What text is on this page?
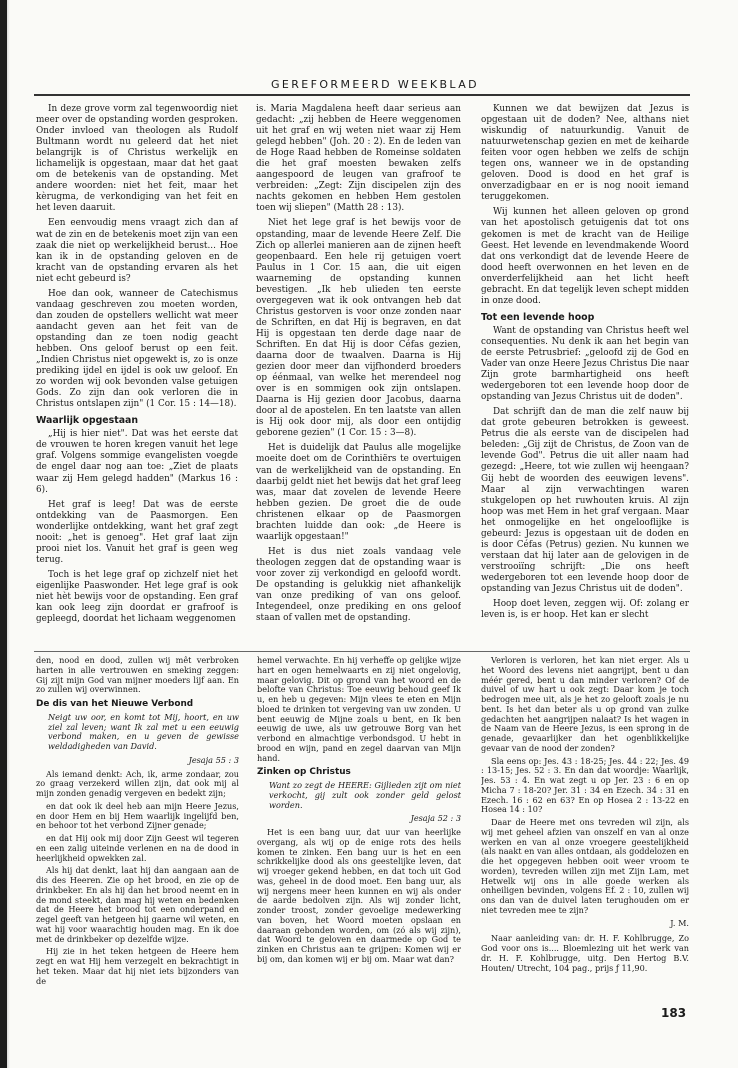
GEREFORMEERD WEEKBLAD

In deze grove vorm zal tegenwoordig niet meer over de opstanding worden gesproken. Onder invloed van theologen als Rudolf Bultmann wordt nu geleerd dat het niet belangrijk is of Christus werkelijk en lichamelijk is opgestaan, maar dat het gaat om de betekenis van de opstanding. Met andere woorden: niet het feit, maar het kèrugma, de verkondiging van het feit en het leven daaruit.

Een eenvoudig mens vraagt zich dan af wat de zin en de betekenis moet zijn van een zaak die niet op werkelijkheid berust... Hoe kan ik in de opstanding geloven en de kracht van de opstanding ervaren als het niet echt gebeurd is?

Hoe dan ook, wanneer de Catechismus vandaag geschreven zou moeten worden, dan zouden de opstellers wellicht wat meer aandacht geven aan het feit van de opstanding dan ze toen nodig geacht hebben. Ons geloof berust op een feit. „Indien Christus niet opgewekt is, zo is onze prediking ijdel en ijdel is ook uw geloof. En zo worden wij ook bevonden valse getuigen Gods. Zo zijn dan ook verloren die in Christus ontslapen zijn" (1 Cor. 15 : 14—18).

Waarlijk opgestaan

„Hij is hier niet". Dat was het eerste dat de vrouwen te horen kregen vanuit het lege graf. Volgens sommige evangelisten voegde de engel daar nog aan toe: „Ziet de plaats waar zij Hem gelegd hadden" (Markus 16 : 6).

Het graf is leeg! Dat was de eerste ontdekking van de Paasmorgen. Een wonderlijke ontdekking, want het graf zegt nooit: „het is genoeg". Het graf laat zijn prooi niet los. Vanuit het graf is geen weg terug.

Toch is het lege graf op zichzelf niet het eigenlijke Paaswonder. Het lege graf is ook niet hèt bewijs voor de opstanding. Een graf kan ook leeg zijn doordat er grafroof is gepleegd, doordat het lichaam weggenomen

is. Maria Magdalena heeft daar serieus aan gedacht: „zij hebben de Heere weggenomen uit het graf en wij weten niet waar zij Hem gelegd hebben" (Joh. 20 : 2). En de leden van de Hoge Raad hebben de Romeinse soldaten die het graf moesten bewaken zelfs aangespoord de leugen van grafroof te verbreiden: „Zegt: Zijn discipelen zijn des nachts gekomen en hebben Hem gestolen toen wij sliepen" (Matth 28 : 13).

Niet het lege graf is het bewijs voor de opstanding, maar de levende Heere Zelf. Die Zich op allerlei manieren aan de zijnen heeft geopenbaard. Een hele rij getuigen voert Paulus in 1 Cor. 15 aan, die uit eigen waarneming de opstanding kunnen bevestigen. „Ik heb ulieden ten eerste overgegeven wat ik ook ontvangen heb dat Christus gestorven is voor onze zonden naar de Schriften, en dat Hij is begraven, en dat Hij is opgestaan ten derde dage naar de Schriften. En dat Hij is door Céfas gezien, daarna door de twaalven. Daarna is Hij gezien door meer dan vijfhonderd broeders op éénmaal, van welke het merendeel nog over is en sommigen ook zijn ontslapen. Daarna is Hij gezien door Jacobus, daarna door al de apostelen. En ten laatste van allen is Hij ook door mij, als door een ontijdig geborene gezien" (1 Cor. 15 : 3—8).

Het is duidelijk dat Paulus alle mogelijke moeite doet om de Corinthiërs te overtuigen van de werkelijkheid van de opstanding. En daarbij geldt niet het bewijs dat het graf leeg was, maar dat zovelen de levende Heere hebben gezien. De groet die de oude christenen elkaar op de Paasmorgen brachten luidde dan ook: „de Heere is waarlijk opgestaan!"

Het is dus niet zoals vandaag vele theologen zeggen dat de opstanding waar is voor zover zij verkondigd en geloofd wordt. De opstanding is gelukkig niet afhankelijk van onze prediking of van ons geloof. Integendeel, onze prediking en ons geloof staan of vallen met de opstanding.

Kunnen we dat bewijzen dat Jezus is opgestaan uit de doden? Nee, althans niet wiskundig of natuurkundig. Vanuit de natuurwetenschap gezien en met de keiharde feiten voor ogen hebben we zelfs de schijn tegen ons, wanneer we in de opstanding geloven. Dood is dood en het graf is onverzadigbaar en er is nog nooit iemand teruggekomen.

Wij kunnen het alleen geloven op grond van het apostolisch getuigenis dat tot ons gekomen is met de kracht van de Heilige Geest. Het levende en levendmakende Woord dat ons verkondigt dat de levende Heere de dood heeft overwonnen en het leven en de onverderfelijkheid aan het licht heeft gebracht. En dat tegelijk leven schept midden in onze dood.

Tot een levende hoop

Want de opstanding van Christus heeft wel consequenties. Nu denk ik aan het begin van de eerste Petrusbrief: „geloofd zij de God en Vader van onze Heere Jezus Christus Die naar Zijn grote barmhartigheid ons heeft wedergeboren tot een levende hoop door de opstanding van Jezus Christus uit de doden".

Dat schrijft dan de man die zelf nauw bij dat grote gebeuren betrokken is geweest. Petrus die als eerste van de discipelen had beleden: „Gij zijt de Christus, de Zoon van de levende God". Petrus die uit aller naam had gezegd: „Heere, tot wie zullen wij heengaan? Gij hebt de woorden des eeuwigen levens". Maar al zijn verwachtingen waren stukgelopen op het ruwhouten kruis. Al zijn hoop was met Hem in het graf vergaan. Maar het onmogelijke en het ongelooflijke is gebeurd: Jezus is opgestaan uit de doden en is door Céfas (Petrus) gezien. Nu kunnen we verstaan dat hij later aan de gelovigen in de verstrooiïng schrijft: „Die ons heeft wedergeboren tot een levende hoop door de opstanding van Jezus Christus uit de doden".

Hoop doet leven, zeggen wij. Of: zolang er leven is, is er hoop. Het kan er slecht

den, nood en dood, zullen wij mêt verbroken harten in alle vertrouwen en smeking zeggen: Gij zijt mijn God van mijner moeders lijf aan. En zo zullen wij overwinnen.

De dis van het Nieuwe Verbond

Neigt uw oor, en komt tot Mij, hoort, en uw ziel zal leven; want Ik zal met u een eeuwig verbond maken, en u geven de gewisse weldadigheden van David.

Jesaja 55 : 3

Als iemand denkt: Ach, ik, arme zondaar, zou zo graag verzekerd willen zijn, dat ook mij al mijn zonden genadig vergeven en bedekt zijn;

en dat ook ik deel heb aan mijn Heere Jezus, en door Hem en bij Hem waarlijk ingelijfd ben, en behoor tot het verbond Zijner genade;

en dat Hij ook mij door Zijn Geest wil tegeren en een zalig uiteinde verlenen en na de dood in heerlijkheid opwekken zal.

Als hij dat denkt, laat hij dan aangaan aan de dis des Heeren. Zie op het brood, en zie op de drinkbeker. En als hij dan het brood neemt en in de mond steekt, dan mag hij weten en bedenken dat de Heere het brood tot een onderpand en zegel geeft van hetgeen hij gaarne wil weten, en wat hij voor waarachtig houden mag. En ik doe met de drinkbeker op dezelfde wijze.

Hij zie in het teken hetgeen de Heere hem zegt en wat Hij hem verzegelt en bekrachtigt in het teken. Maar dat hij niet iets bijzonders van de

hemel verwachte. En hij verheffe op gelijke wijze hart en ogen hemelwaarts en zij niet ongelovig, maar gelovig. Dit op grond van het woord en de belofte van Christus: Toe eeuwig behoud geef Ik u, en heb u gegeven: Mijn vlees te eten en Mijn bloed te drinken tot vergeving van uw zonden. U bent eeuwig de Mijne zoals u bent, en Ik ben eeuwig de uwe, als uw getrouwe Borg van het verbond en almachtige verbondsgod. U hebt in brood en wijn, pand en zegel daarvan van Mijn hand.

Zinken op Christus

Want zo zegt de HEERE: Gijlieden zijt om niet verkocht, gij zult ook zonder geld gelost worden.

Jesaja 52 : 3

Het is een bang uur, dat uur van heerlijke overgang, als wij op de enige rots des heils komen te zinken. Een bang uur is het en een schrikkelijke dood als ons geestelijke leven, dat wij vroeger gekend hebben, en dat toch uit God was, geheel in de dood moet. Een bang uur, als wij nergens meer heen kunnen en wij als onder de aarde bedolven zijn. Als wij zonder licht, zonder troost, zonder gevoelige medewerking van boven, het Woord moeten opslaan en daaraan gebonden worden, om (zó als wij zijn), dat Woord te geloven en daarmede op God te zinken en Christus aan te grijpen: Komen wij er bij om, dan komen wij er bij om. Maar wat dan?

Verloren is verloren, het kan niet erger. Als u het Woord des levens niet aangrijpt, bent u dan méér gered, bent u dan minder verloren? Of de duivel of uw hart u ook zegt: Daar kom je toch bedrogen mee uit, als je het zo gelooft zoals je nu bent. Is het dan beter als u op grond van zulke gedachten het aangrijpen nalaat? Is het wagen in de Naam van de Heere Jezus, is een sprong in de genade, gevaarlijker dan het ogenblikkelijke gevaar van de nood der zonden?

Sla eens op: Jes. 43 : 18-25; Jes. 44 : 22; Jes. 49 : 13-15; Jes. 52 : 3. En dan dat woordje: Waarlijk, Jes. 53 : 4. En wat zegt u op Jer. 23 : 6 en op Micha 7 : 18-20? Jer. 31 : 34 en Ezech. 34 : 31 en Ezech. 16 : 62 en 63? En op Hosea 2 : 13-22 en Hosea 14 : 10?

Daar de Heere met ons tevreden wil zijn, als wij met geheel afzien van onszelf en van al onze werken en van al onze vroegere geestelijkheid (als naakt en van alles ontdaan, als goddelozen en die het opgegeven hebben ooit weer vroom te worden), tevreden willen zijn met Zijn Lam, met Hetwelk wij ons in alle goede werken als onheiligen bevinden, volgens Ef. 2 : 10, zullen wij ons dan van de duivel laten terughouden om er niet tevreden mee te zijn?

J. M.

Naar aanleiding van: dr. H. F. Kohlbrugge, Zo God voor ons is.... Bloemlezing uit het werk van dr. H. F. Kohlbrugge, uitg. Den Hertog B.V. Houten/ Utrecht, 104 pag., prijs ƒ 11,90.

183
